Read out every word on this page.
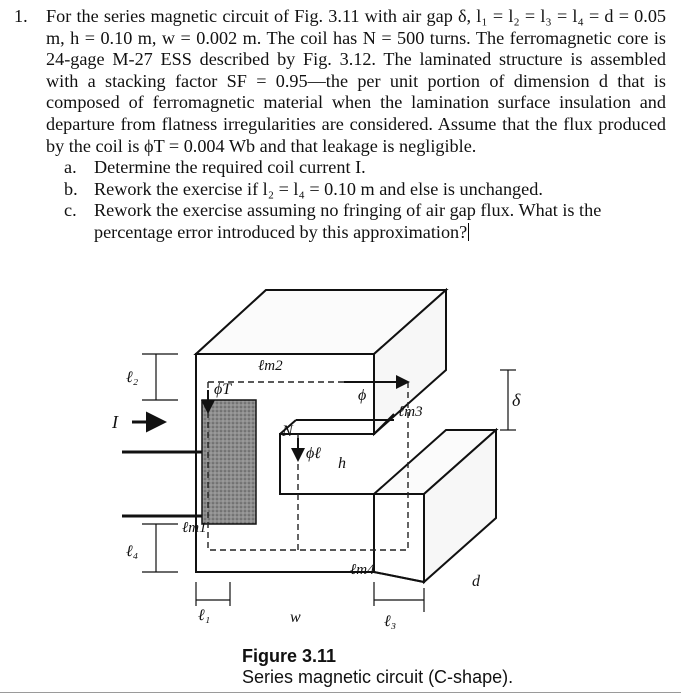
1. For the series magnetic circuit of Fig. 3.11 with air gap δ, l₁ = l₂ = l₃ = l₄ = d = 0.05 m, h = 0.10 m, w = 0.002 m. The coil has N = 500 turns. The ferromagnetic core is 24-gage M-27 ESS described by Fig. 3.12. The laminated structure is assembled with a stacking factor SF = 0.95—the per unit portion of dimension d that is composed of ferromagnetic material when the lamination surface insulation and departure from flatness irregularities are considered. Assume that the flux produced by the coil is ϕT = 0.004 Wb and that leakage is negligible.

a. Determine the required coil current I.
b. Rework the exercise if l₂ = l₄ = 0.10 m and else is unchanged.
c. Rework the exercise assuming no fringing of air gap flux. What is the percentage error introduced by this approximation?
ℓ₂
ℓ₄
ℓ₁	ℓ₃
ℓm1
ℓm2
ℓm3
ℓm4
ϕT	ϕ
ϕℓ
N
I
h
w
d
δ
Figure 3.11
Series magnetic circuit (C-shape).
